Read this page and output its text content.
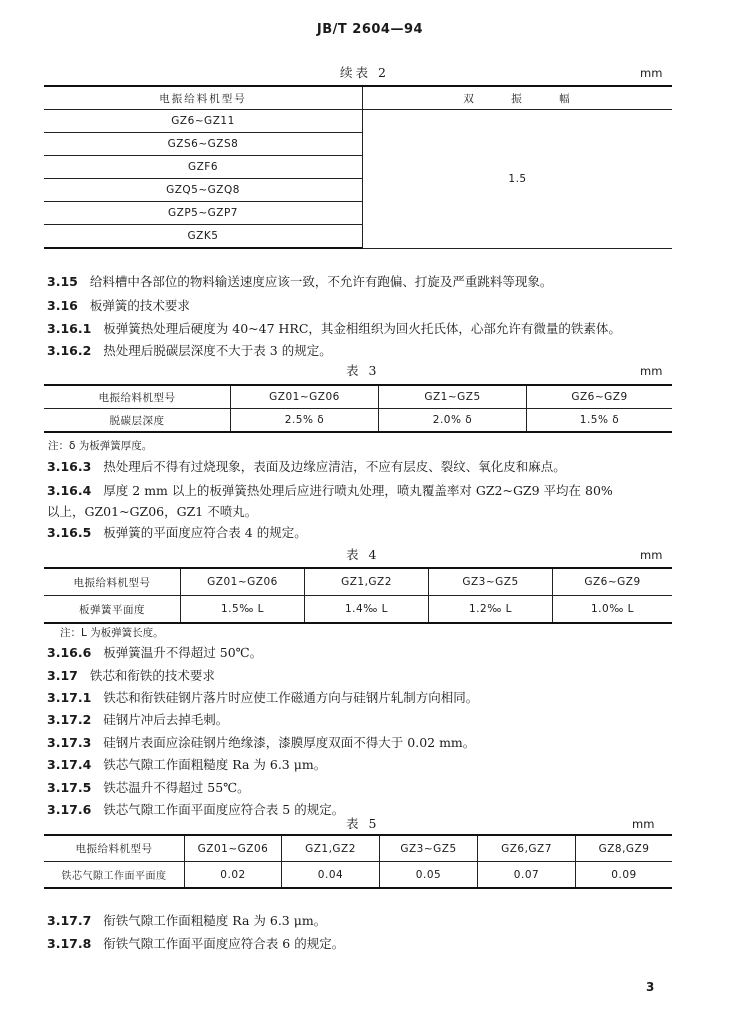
JB/T 2604—94
续表 2	mm
电振给料机型号	双 振 幅
GZ6~GZ11	1.5
GZS6~GZS8	
GZF6	
GZQ5~GZQ8	
GZP5~GZP7	
GZK5	
3.15 给料槽中各部位的物料输送速度应该一致，不允许有跑偏、打旋及严重跳料等现象。
3.16 板弹簧的技术要求
3.16.1 板弹簧热处理后硬度为 40~47 HRC，其金相组织为回火托氏体，心部允许有微量的铁素体。
3.16.2 热处理后脱碳层深度不大于表 3 的规定。
表 3	mm
电振给料机型号	GZ01~GZ06	GZ1~GZ5	GZ6~GZ9
脱碳层深度	2.5% δ	2.0% δ	1.5% δ
注：δ 为板弹簧厚度。
3.16.3 热处理后不得有过烧现象，表面及边缘应清洁，不应有层皮、裂纹、氧化皮和麻点。
3.16.4 厚度 2 mm 以上的板弹簧热处理后应进行喷丸处理，喷丸覆盖率对 GZ2~GZ9 平均在 80%
以上，GZ01~GZ06，GZ1 不喷丸。
3.16.5 板弹簧的平面度应符合表 4 的规定。
表 4	mm
电振给料机型号	GZ01~GZ06	GZ1,GZ2	GZ3~GZ5	GZ6~GZ9
板弹簧平面度	1.5‰ L	1.4‰ L	1.2‰ L	1.0‰ L
注：L 为板弹簧长度。
3.16.6 板弹簧温升不得超过 50℃。
3.17 铁芯和衔铁的技术要求
3.17.1 铁芯和衔铁硅钢片落片时应使工作磁通方向与硅钢片轧制方向相同。
3.17.2 硅钢片冲后去掉毛刺。
3.17.3 硅钢片表面应涂硅钢片绝缘漆，漆膜厚度双面不得大于 0.02 mm。
3.17.4 铁芯气隙工作面粗糙度 Ra 为 6.3 μm。
3.17.5 铁芯温升不得超过 55℃。
3.17.6 铁芯气隙工作面平面度应符合表 5 的规定。
表 5	mm
电振给料机型号	GZ01~GZ06	GZ1,GZ2	GZ3~GZ5	GZ6,GZ7	GZ8,GZ9
铁芯气隙工作面平面度	0.02	0.04	0.05	0.07	0.09
3.17.7 衔铁气隙工作面粗糙度 Ra 为 6.3 μm。
3.17.8 衔铁气隙工作面平面度应符合表 6 的规定。
3
